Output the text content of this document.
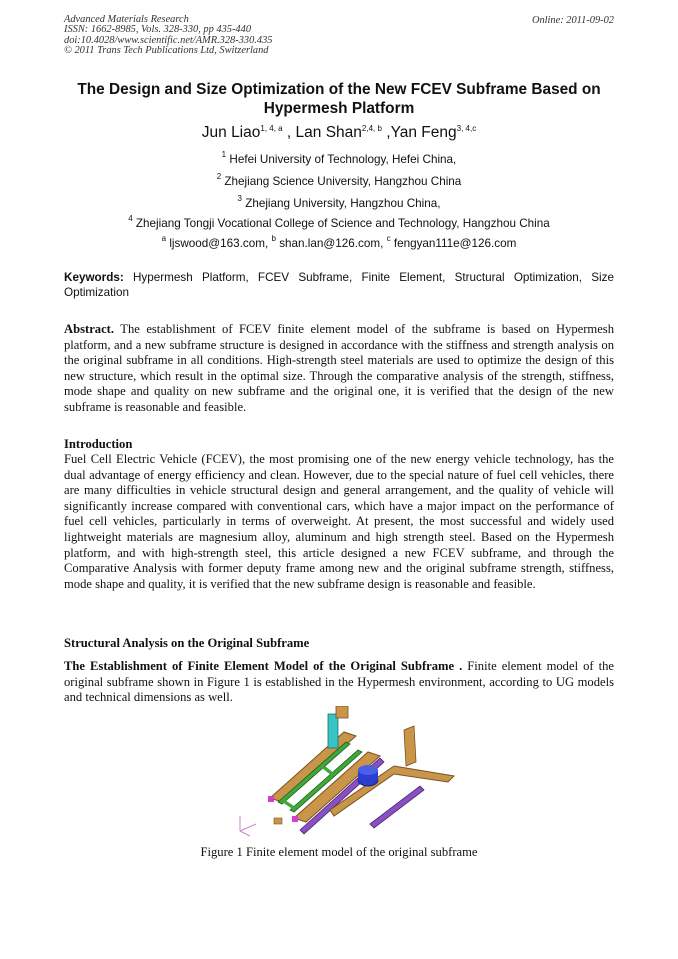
Advanced Materials Research
ISSN: 1662-8985, Vols. 328-330, pp 435-440
doi:10.4028/www.scientific.net/AMR.328-330.435
© 2011 Trans Tech Publications Ltd, Switzerland
Online: 2011-09-02
The Design and Size Optimization of the New FCEV Subframe Based on Hypermesh Platform
Jun Liao$^{1, 4, a}$ , Lan Shan$^{2,4, b}$ ,Yan Feng$^{3, 4,c}$
$^1$ Hefei University of Technology, Hefei China,
$^2$ Zhejiang Science University, Hangzhou China
$^3$ Zhejiang University, Hangzhou China,
$^4$ Zhejiang Tongji Vocational College of Science and Technology, Hangzhou China
$^a$ ljswood@163.com, $^b$ shan.lan@126.com, $^c$ fengyan111e@126.com
Keywords: Hypermesh Platform, FCEV Subframe, Finite Element, Structural Optimization, Size Optimization
Abstract. The establishment of FCEV finite element model of the subframe is based on Hypermesh platform, and a new subframe structure is designed in accordance with the stiffness and strength analysis on the original subframe in all conditions. High-strength steel materials are used to optimize the design of this new structure, which result in the optimal size. Through the comparative analysis of the strength, stiffness, mode shape and quality on new subframe and the original one, it is verified that the design of the new subframe is reasonable and feasible.
Introduction
Fuel Cell Electric Vehicle (FCEV), the most promising one of the new energy vehicle technology, has the dual advantage of energy efficiency and clean. However, due to the special nature of fuel cell vehicles, there are many difficulties in vehicle structural design and general arrangement, and the quality of vehicle will significantly increase compared with conventional cars, which have a major impact on the performance of fuel cell vehicles, particularly in terms of overweight. At present, the most successful and widely used lightweight materials are magnesium alloy, aluminum and high strength steel. Based on the Hypermesh platform, and with high-strength steel, this article designed a new FCEV subframe, and through the Comparative Analysis with former deputy frame among new and the original subframe strength, stiffness, mode shape and quality, it is verified that the new subframe design is reasonable and feasible.
Structural Analysis on the Original Subframe
The Establishment of Finite Element Model of the Original Subframe . Finite element model of the original subframe shown in Figure 1 is established in the Hypermesh environment, according to UG models and technical dimensions as well.
Figure 1 Finite element model of the original subframe
